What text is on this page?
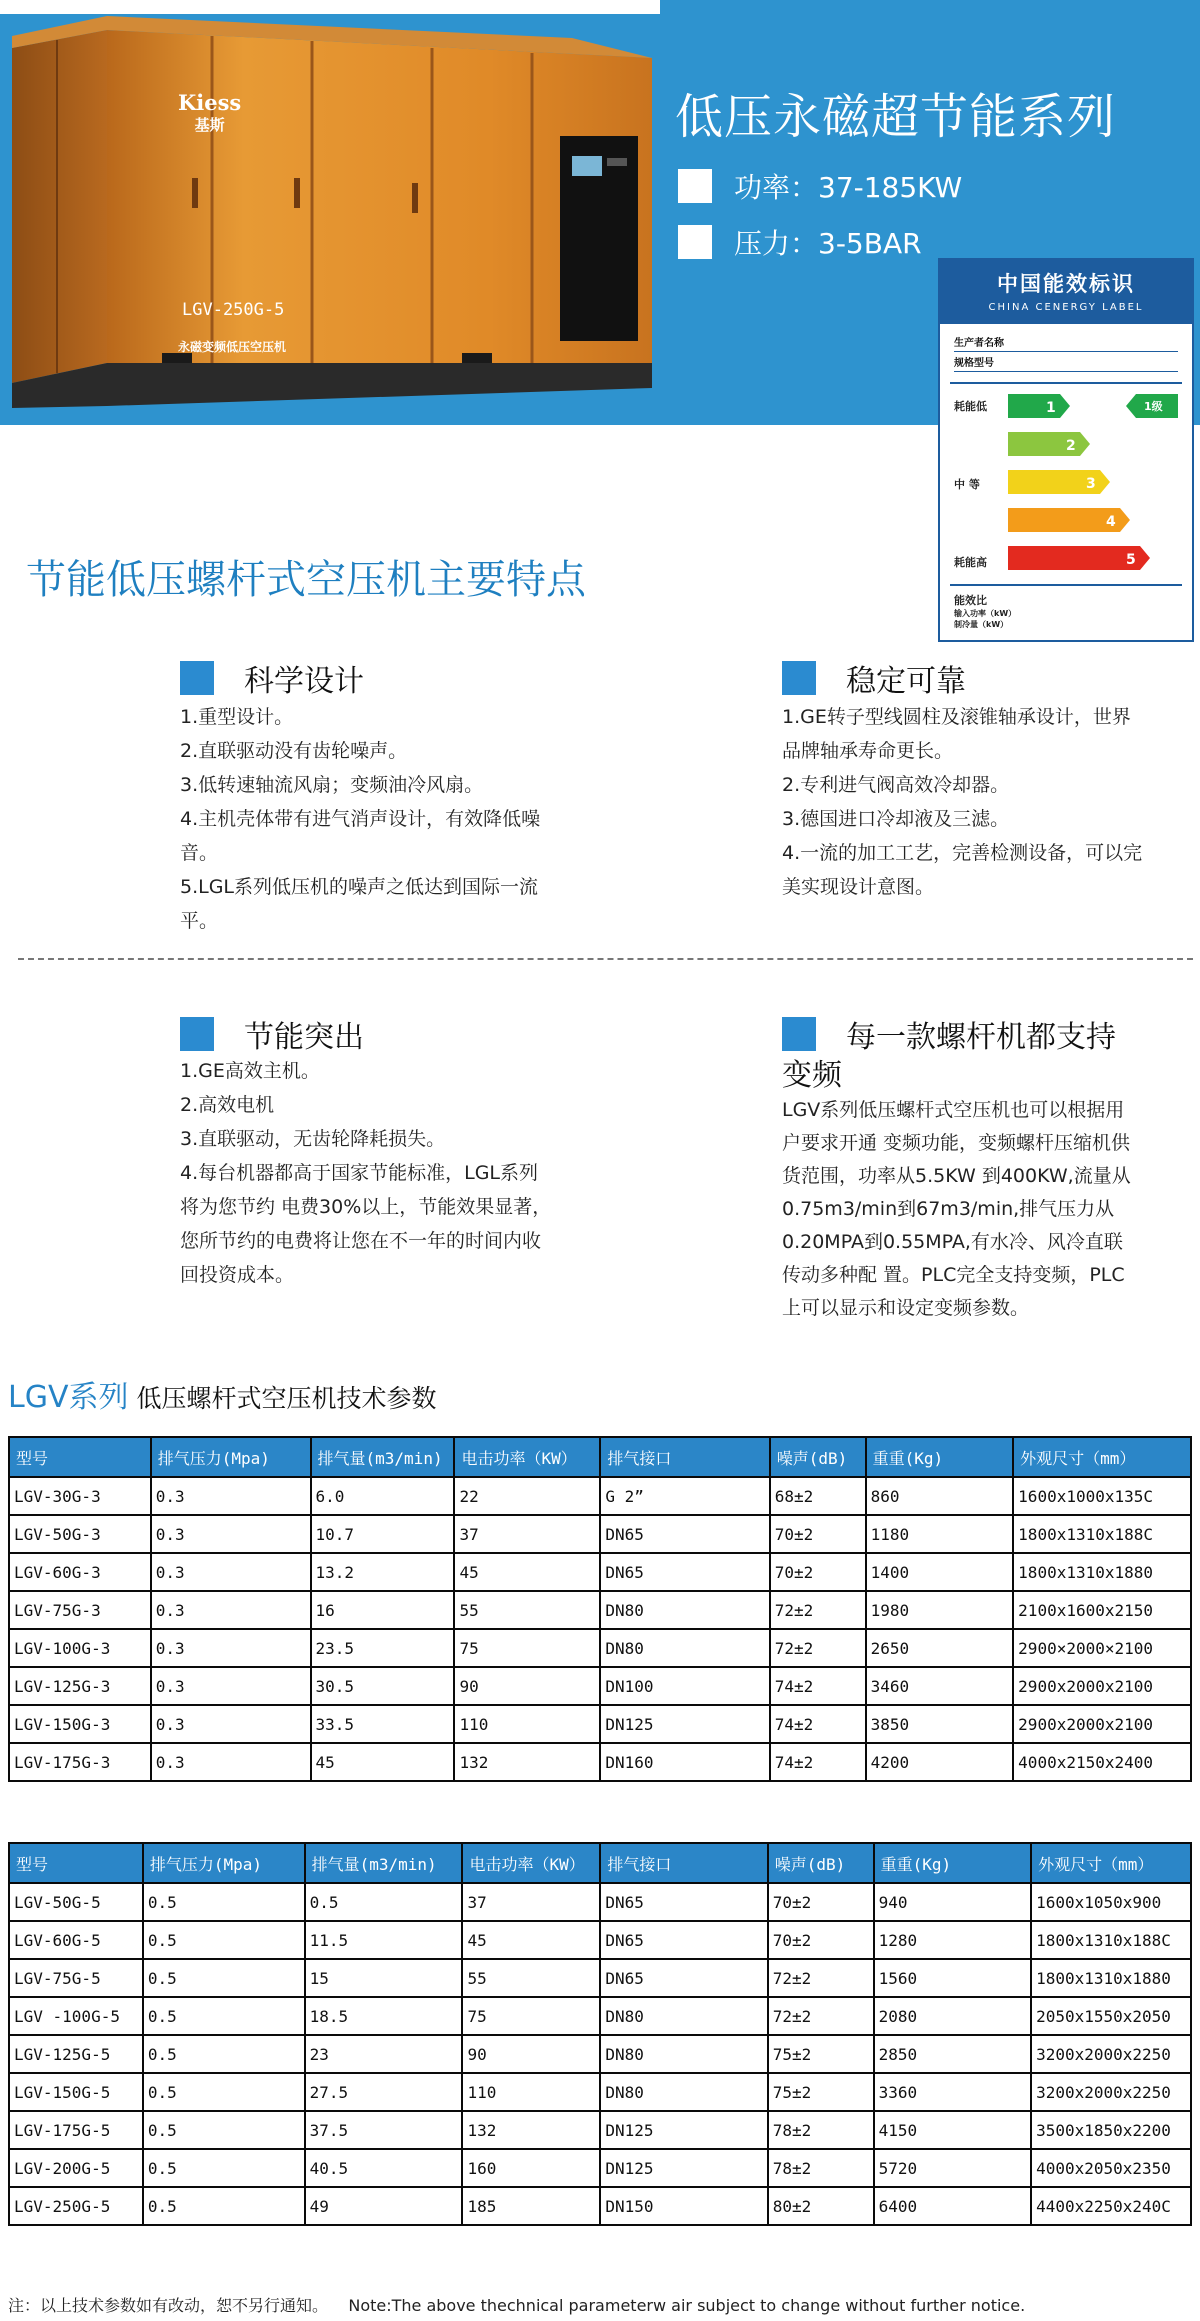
Kiess
基斯
LGV-250G-5
永磁变频低压空压机
低压永磁超节能系列
功率：37-185KW
压力：3-5BAR
中国能效标识
CHINA CENERGY LABEL
生产者名称
规格型号
耗能低
中 等
耗能高
1
2
3
4
5
1级
能效比
输入功率（kW）
制冷量（kW）
节能低压螺杆式空压机主要特点
科学设计

1.重型设计。

2.直联驱动没有齿轮噪声。

3.低转速轴流风扇；变频油冷风扇。

4.主机壳体带有进气消声设计，有效降低噪

音。

5.LGL系列低压机的噪声之低达到国际一流

平。

稳定可靠

1.GE转子型线圆柱及滚锥轴承设计，世界

品牌轴承寿命更长。

2.专利进气阀高效冷却器。

3.德国进口冷却液及三滤。

4.一流的加工工艺，完善检测设备，可以完

美实现设计意图。

节能突出

1.GE高效主机。

2.高效电机

3.直联驱动，无齿轮降耗损失。

4.每台机器都高于国家节能标准，LGL系列

将为您节约 电费30%以上，节能效果显著，

您所节约的电费将让您在不一年的时间内收

回投资成本。

每一款螺杆机都支持
变频

LGV系列低压螺杆式空压机也可以根据用

户要求开通 变频功能，变频螺杆压缩机供

货范围，功率从5.5KW 到400KW,流量从

0.75m3/min到67m3/min,排气压力从

0.20MPA到0.55MPA,有水冷、风冷直联

传动多种配 置。PLC完全支持变频，PLC

上可以显示和设定变频参数。

LGV系列 低压螺杆式空压机技术参数
型号	排气压力(Mpa)	排气量(m3/min)	电击功率（KW）	排气接口	噪声(dB)	重重(Kg)	外观尺寸（mm）
LGV-30G-3	0.3	6.0	22	G 2”	68±2	860	1600x1000x135C
LGV-50G-3	0.3	10.7	37	DN65	70±2	1180	1800x1310x188C
LGV-60G-3	0.3	13.2	45	DN65	70±2	1400	1800x1310x1880
LGV-75G-3	0.3	16	55	DN80	72±2	1980	2100x1600x2150
LGV-100G-3	0.3	23.5	75	DN80	72±2	2650	2900×2000×2100
LGV-125G-3	0.3	30.5	90	DN100	74±2	3460	2900x2000x2100
LGV-150G-3	0.3	33.5	110	DN125	74±2	3850	2900x2000x2100
LGV-175G-3	0.3	45	132	DN160	74±2	4200	4000x2150x2400
型号	排气压力(Mpa)	排气量(m3/min)	电击功率（KW）	排气接口	噪声(dB)	重重(Kg)	外观尺寸（mm）
LGV-50G-5	0.5	0.5	37	DN65	70±2	940	1600x1050x900
LGV-60G-5	0.5	11.5	45	DN65	70±2	1280	1800x1310x188C
LGV-75G-5	0.5	15	55	DN65	72±2	1560	1800x1310x1880
LGV -100G-5	0.5	18.5	75	DN80	72±2	2080	2050x1550x2050
LGV-125G-5	0.5	23	90	DN80	75±2	2850	3200x2000x2250
LGV-150G-5	0.5	27.5	110	DN80	75±2	3360	3200x2000x2250
LGV-175G-5	0.5	37.5	132	DN125	78±2	4150	3500x1850x2200
LGV-200G-5	0.5	40.5	160	DN125	78±2	5720	4000x2050x2350
LGV-250G-5	0.5	49	185	DN150	80±2	6400	4400x2250x240C
注：以上技术参数如有改动，恕不另行通知。    Note:The above thechnical parameterw air subject to change without further notice.
